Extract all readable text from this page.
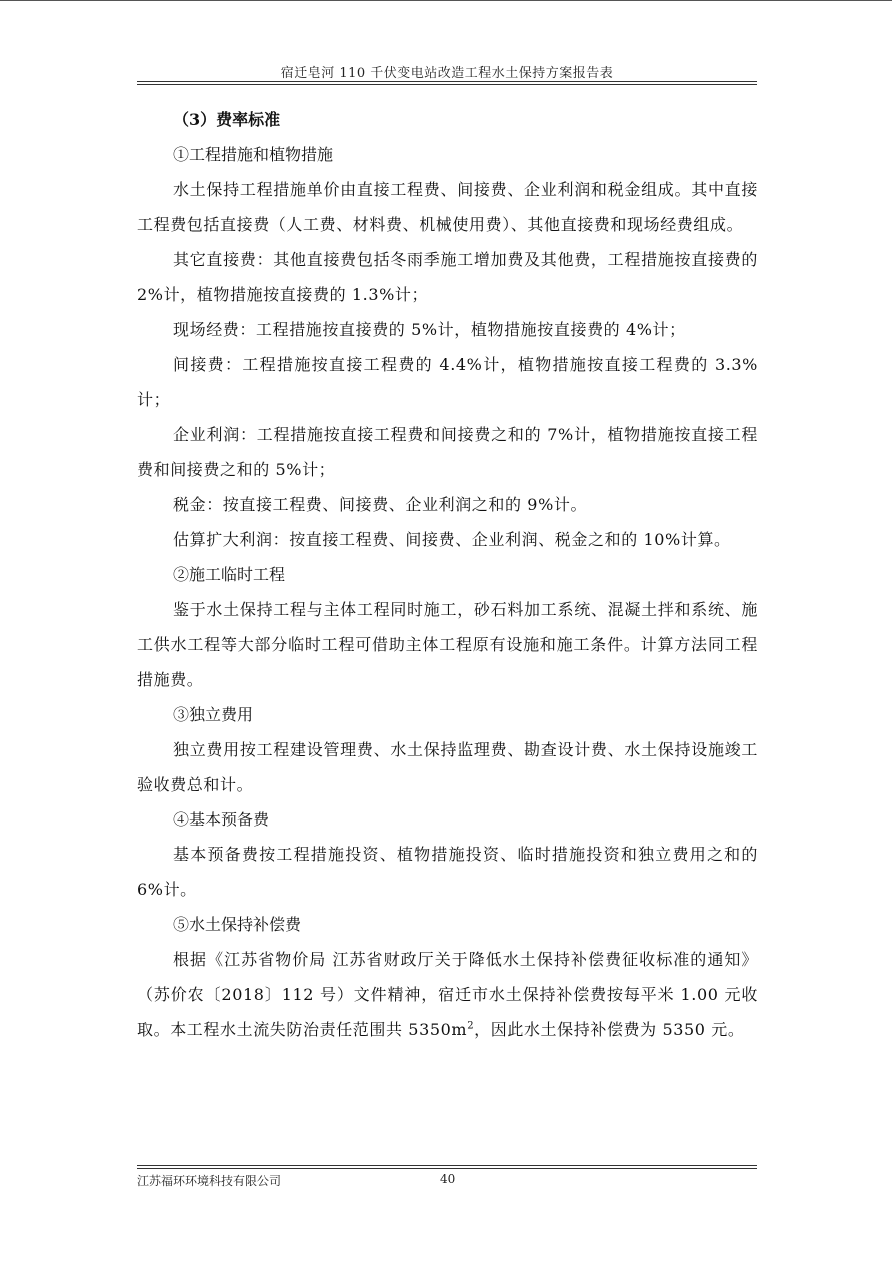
宿迁皂河 110 千伏变电站改造工程水土保持方案报告表

（3）费率标准

①工程措施和植物措施

水土保持工程措施单价由直接工程费、间接费、企业利润和税金组成。其中直接工程费包括直接费（人工费、材料费、机械使用费）、其他直接费和现场经费组成。

其它直接费：其他直接费包括冬雨季施工增加费及其他费，工程措施按直接费的 2%计，植物措施按直接费的 1.3%计；

现场经费：工程措施按直接费的 5%计，植物措施按直接费的 4%计；

间接费：工程措施按直接工程费的 4.4%计，植物措施按直接工程费的 3.3%计；

企业利润：工程措施按直接工程费和间接费之和的 7%计，植物措施按直接工程费和间接费之和的 5%计；

税金：按直接工程费、间接费、企业利润之和的 9%计。

估算扩大利润：按直接工程费、间接费、企业利润、税金之和的 10%计算。

②施工临时工程

鉴于水土保持工程与主体工程同时施工，砂石料加工系统、混凝土拌和系统、施工供水工程等大部分临时工程可借助主体工程原有设施和施工条件。计算方法同工程措施费。

③独立费用

独立费用按工程建设管理费、水土保持监理费、勘查设计费、水土保持设施竣工验收费总和计。

④基本预备费

基本预备费按工程措施投资、植物措施投资、临时措施投资和独立费用之和的 6%计。

⑤水土保持补偿费

根据《江苏省物价局 江苏省财政厅关于降低水土保持补偿费征收标准的通知》（苏价农〔2018〕112 号）文件精神，宿迁市水土保持补偿费按每平米 1.00 元收取。本工程水土流失防治责任范围共 $5350m^2$，因此水土保持补偿费为 5350 元。

江苏福环环境科技有限公司	40
